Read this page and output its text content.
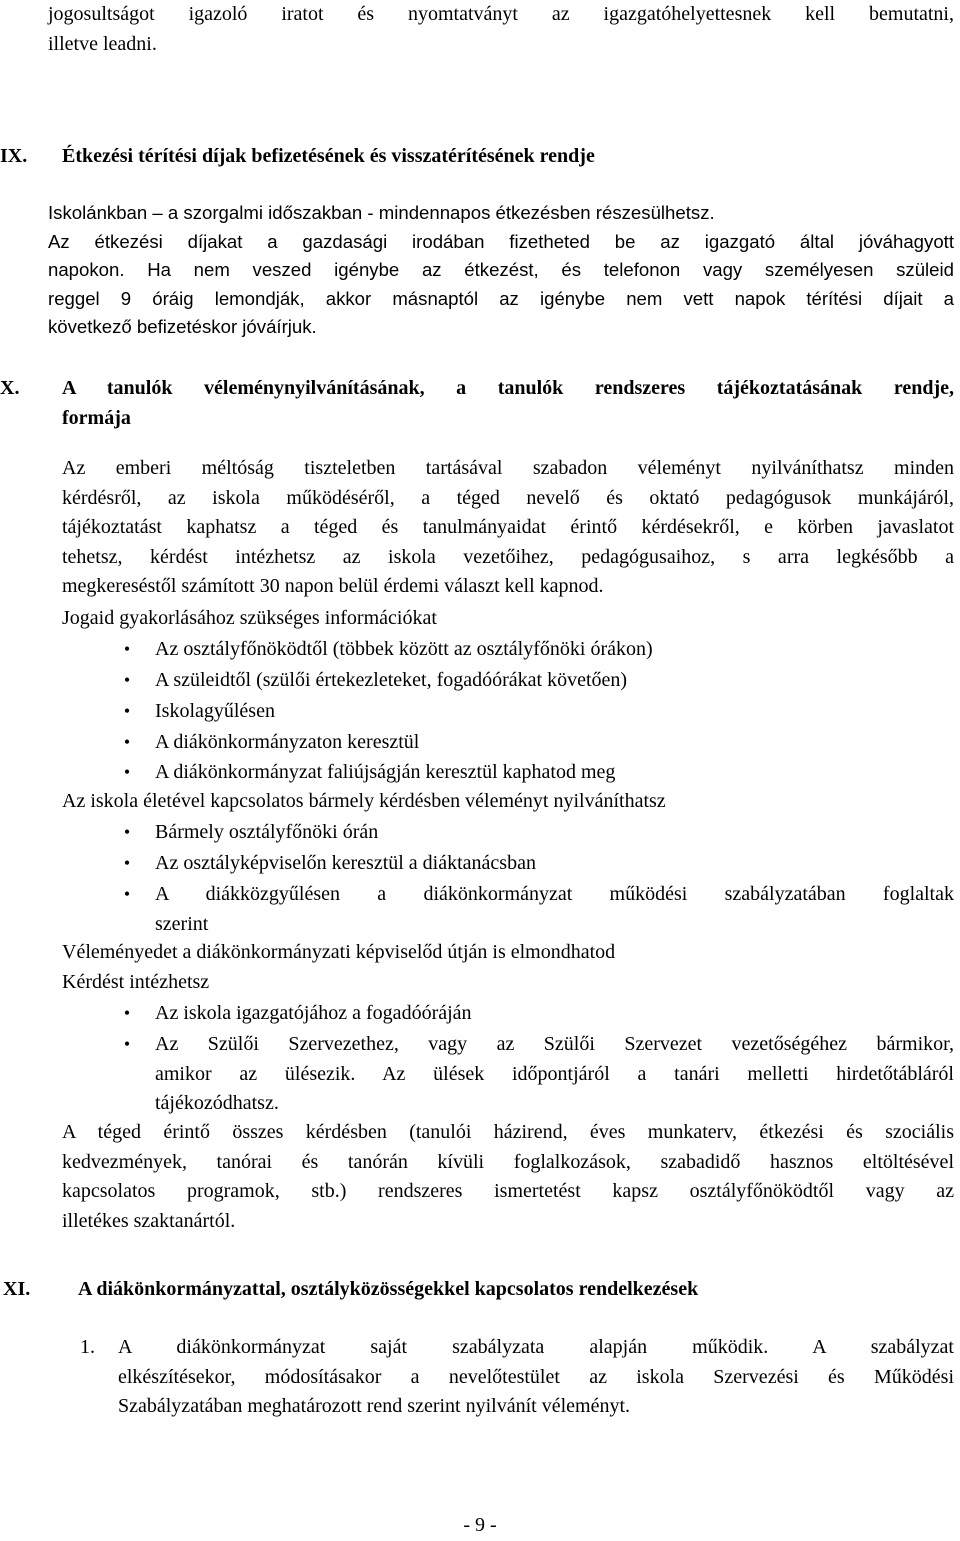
jogosultságot igazoló iratot és nyomtatványt az igazgatóhelyettesnek kell bemutatni,
illetve leadni.
IX. Étkezési térítési díjak befizetésének és visszatérítésének rendje
Iskolánkban – a szorgalmi időszakban - mindennapos étkezésben részesülhetsz.
Az étkezési díjakat a gazdasági irodában fizetheted be az igazgató által jóváhagyott
napokon. Ha nem veszed igénybe az étkezést, és telefonon vagy személyesen szüleid
reggel 9 óráig lemondják, akkor másnaptól az igénybe nem vett napok térítési díjait a
következő befizetéskor jóváírjuk.
X. A tanulók véleménynyilvánításának, a tanulók rendszeres tájékoztatásának rendje,
formája
Az emberi méltóság tiszteletben tartásával szabadon véleményt nyilváníthatsz minden
kérdésről, az iskola működéséről, a téged nevelő és oktató pedagógusok munkájáról,
tájékoztatást kaphatsz a téged és tanulmányaidat érintő kérdésekről, e körben javaslatot
tehetsz, kérdést intézhetsz az iskola vezetőihez, pedagógusaihoz, s arra legkésőbb a
megkereséstől számított 30 napon belül érdemi választ kell kapnod.
Jogaid gyakorlásához szükséges információkat
•	Az osztályfőnöködtől (többek között az osztályfőnöki órákon)
•	A szüleidtől (szülői értekezleteket, fogadóórákat követően)
•	Iskolagyűlésen
•	A diákönkormányzaton keresztül
•	A diákönkormányzat faliújságján keresztül kaphatod meg
Az iskola életével kapcsolatos bármely kérdésben véleményt nyilváníthatsz
•	Bármely osztályfőnöki órán
•	Az osztályképviselőn keresztül a diáktanácsban
•	A diákközgyűlésen a diákönkormányzat működési szabályzatában foglaltak
szerint
Véleményedet a diákönkormányzati képviselőd útján is elmondhatod
Kérdést intézhetsz
•	Az iskola igazgatójához a fogadóóráján
•	Az Szülői Szervezethez, vagy az Szülői Szervezet vezetőségéhez bármikor,
amikor az ülésezik. Az ülések időpontjáról a tanári melletti hirdetőtábláról
tájékozódhatsz.
A téged érintő összes kérdésben (tanulói házirend, éves munkaterv, étkezési és szociális
kedvezmények, tanórai és tanórán kívüli foglalkozások, szabadidő hasznos eltöltésével
kapcsolatos programok, stb.) rendszeres ismertetést kapsz osztályfőnöködtől vagy az
illetékes szaktanártól.
XI. A diákönkormányzattal, osztályközösségekkel kapcsolatos rendelkezések
1. A diákönkormányzat saját szabályzata alapján működik. A szabályzat
elkészítésekor, módosításakor a nevelőtestület az iskola Szervezési és Működési
Szabályzatában meghatározott rend szerint nyilvánít véleményt.
- 9 -
